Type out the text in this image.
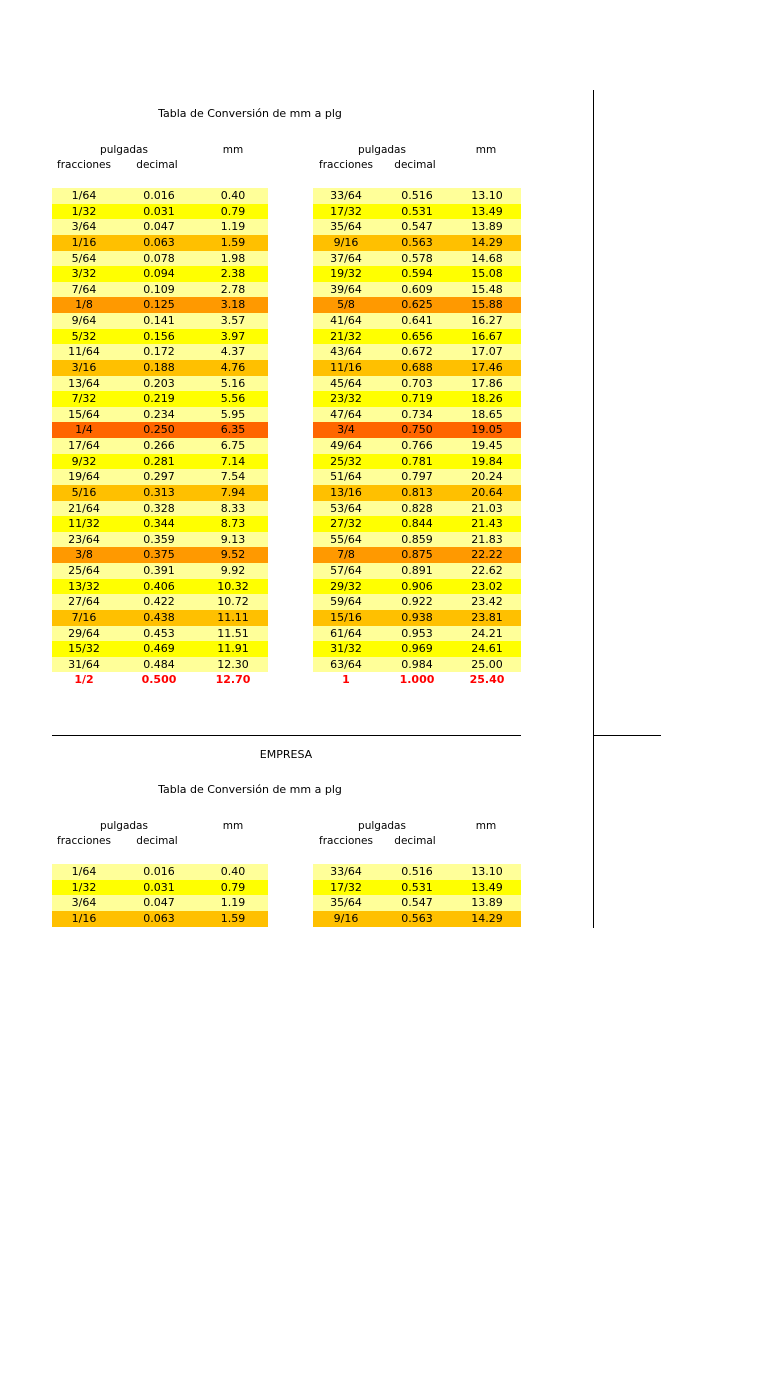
Tabla de Conversión de mm a plg
pulgadas	mm
fracciones	decimal
pulgadas	mm
fracciones	decimal
1/64	0.016	0.40
1/32	0.031	0.79
3/64	0.047	1.19
1/16	0.063	1.59
5/64	0.078	1.98
3/32	0.094	2.38
7/64	0.109	2.78
1/8	0.125	3.18
9/64	0.141	3.57
5/32	0.156	3.97
11/64	0.172	4.37
3/16	0.188	4.76
13/64	0.203	5.16
7/32	0.219	5.56
15/64	0.234	5.95
1/4	0.250	6.35
17/64	0.266	6.75
9/32	0.281	7.14
19/64	0.297	7.54
5/16	0.313	7.94
21/64	0.328	8.33
11/32	0.344	8.73
23/64	0.359	9.13
3/8	0.375	9.52
25/64	0.391	9.92
13/32	0.406	10.32
27/64	0.422	10.72
7/16	0.438	11.11
29/64	0.453	11.51
15/32	0.469	11.91
31/64	0.484	12.30
1/2	0.500	12.70
33/64	0.516	13.10
17/32	0.531	13.49
35/64	0.547	13.89
9/16	0.563	14.29
37/64	0.578	14.68
19/32	0.594	15.08
39/64	0.609	15.48
5/8	0.625	15.88
41/64	0.641	16.27
21/32	0.656	16.67
43/64	0.672	17.07
11/16	0.688	17.46
45/64	0.703	17.86
23/32	0.719	18.26
47/64	0.734	18.65
3/4	0.750	19.05
49/64	0.766	19.45
25/32	0.781	19.84
51/64	0.797	20.24
13/16	0.813	20.64
53/64	0.828	21.03
27/32	0.844	21.43
55/64	0.859	21.83
7/8	0.875	22.22
57/64	0.891	22.62
29/32	0.906	23.02
59/64	0.922	23.42
15/16	0.938	23.81
61/64	0.953	24.21
31/32	0.969	24.61
63/64	0.984	25.00
1	1.000	25.40
EMPRESA
Tabla de Conversión de mm a plg
pulgadas	mm
fracciones	decimal
pulgadas	mm
fracciones	decimal
1/64	0.016	0.40
1/32	0.031	0.79
3/64	0.047	1.19
1/16	0.063	1.59
33/64	0.516	13.10
17/32	0.531	13.49
35/64	0.547	13.89
9/16	0.563	14.29
